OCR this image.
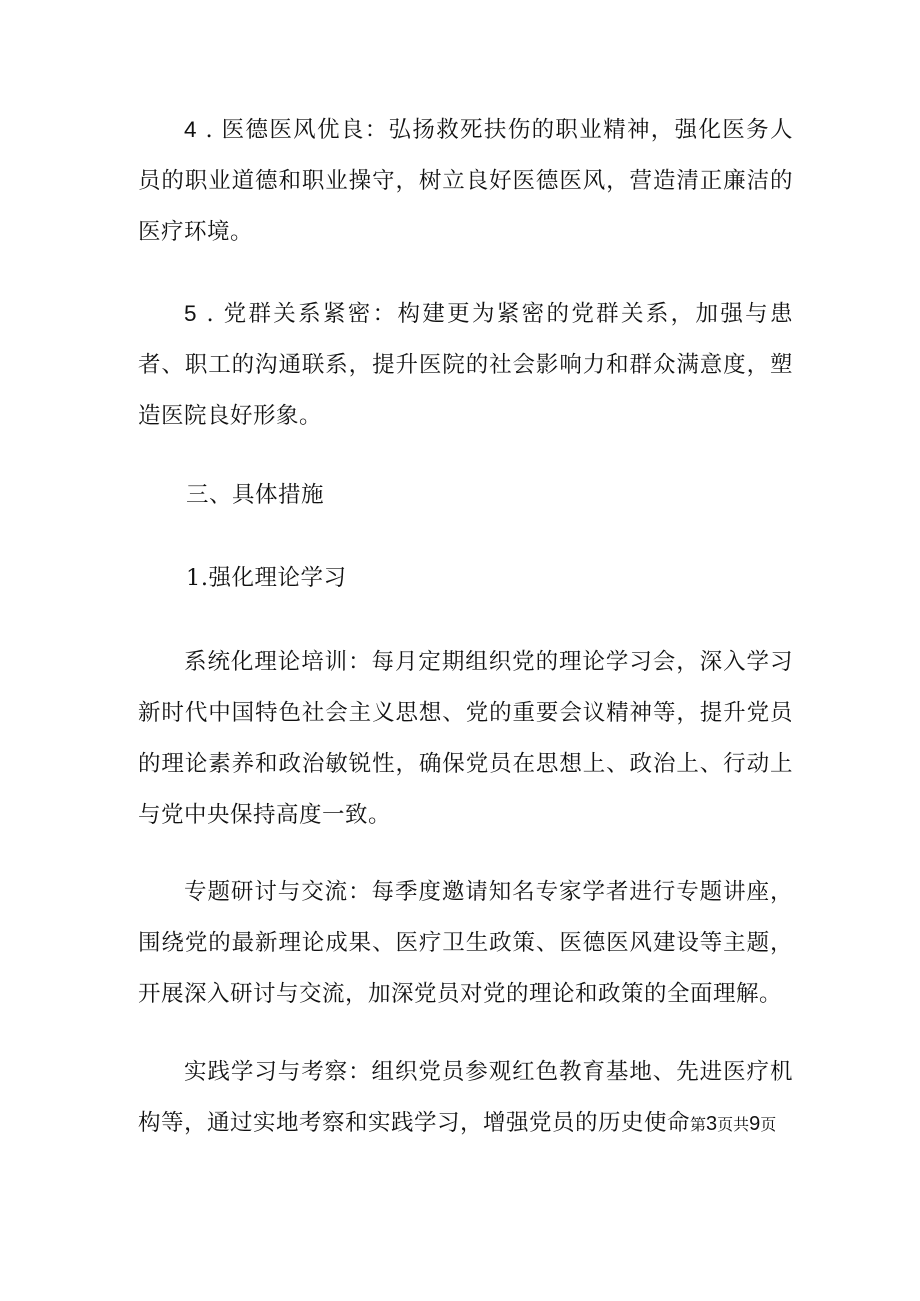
4 . 医德医风优良：弘扬救死扶伤的职业精神，强化医务人员的职业道德和职业操守，树立良好医德医风，营造清正廉洁的医疗环境。

5 . 党群关系紧密：构建更为紧密的党群关系，加强与患者、职工的沟通联系，提升医院的社会影响力和群众满意度，塑造医院良好形象。

三、具体措施

1.强化理论学习

系统化理论培训：每月定期组织党的理论学习会，深入学习新时代中国特色社会主义思想、党的重要会议精神等，提升党员的理论素养和政治敏锐性，确保党员在思想上、政治上、行动上与党中央保持高度一致。

专题研讨与交流：每季度邀请知名专家学者进行专题讲座，围绕党的最新理论成果、医疗卫生政策、医德医风建设等主题，开展深入研讨与交流，加深党员对党的理论和政策的全面理解。

实践学习与考察：组织党员参观红色教育基地、先进医疗机构等，通过实地考察和实践学习，增强党员的历史使命第3页共9页
